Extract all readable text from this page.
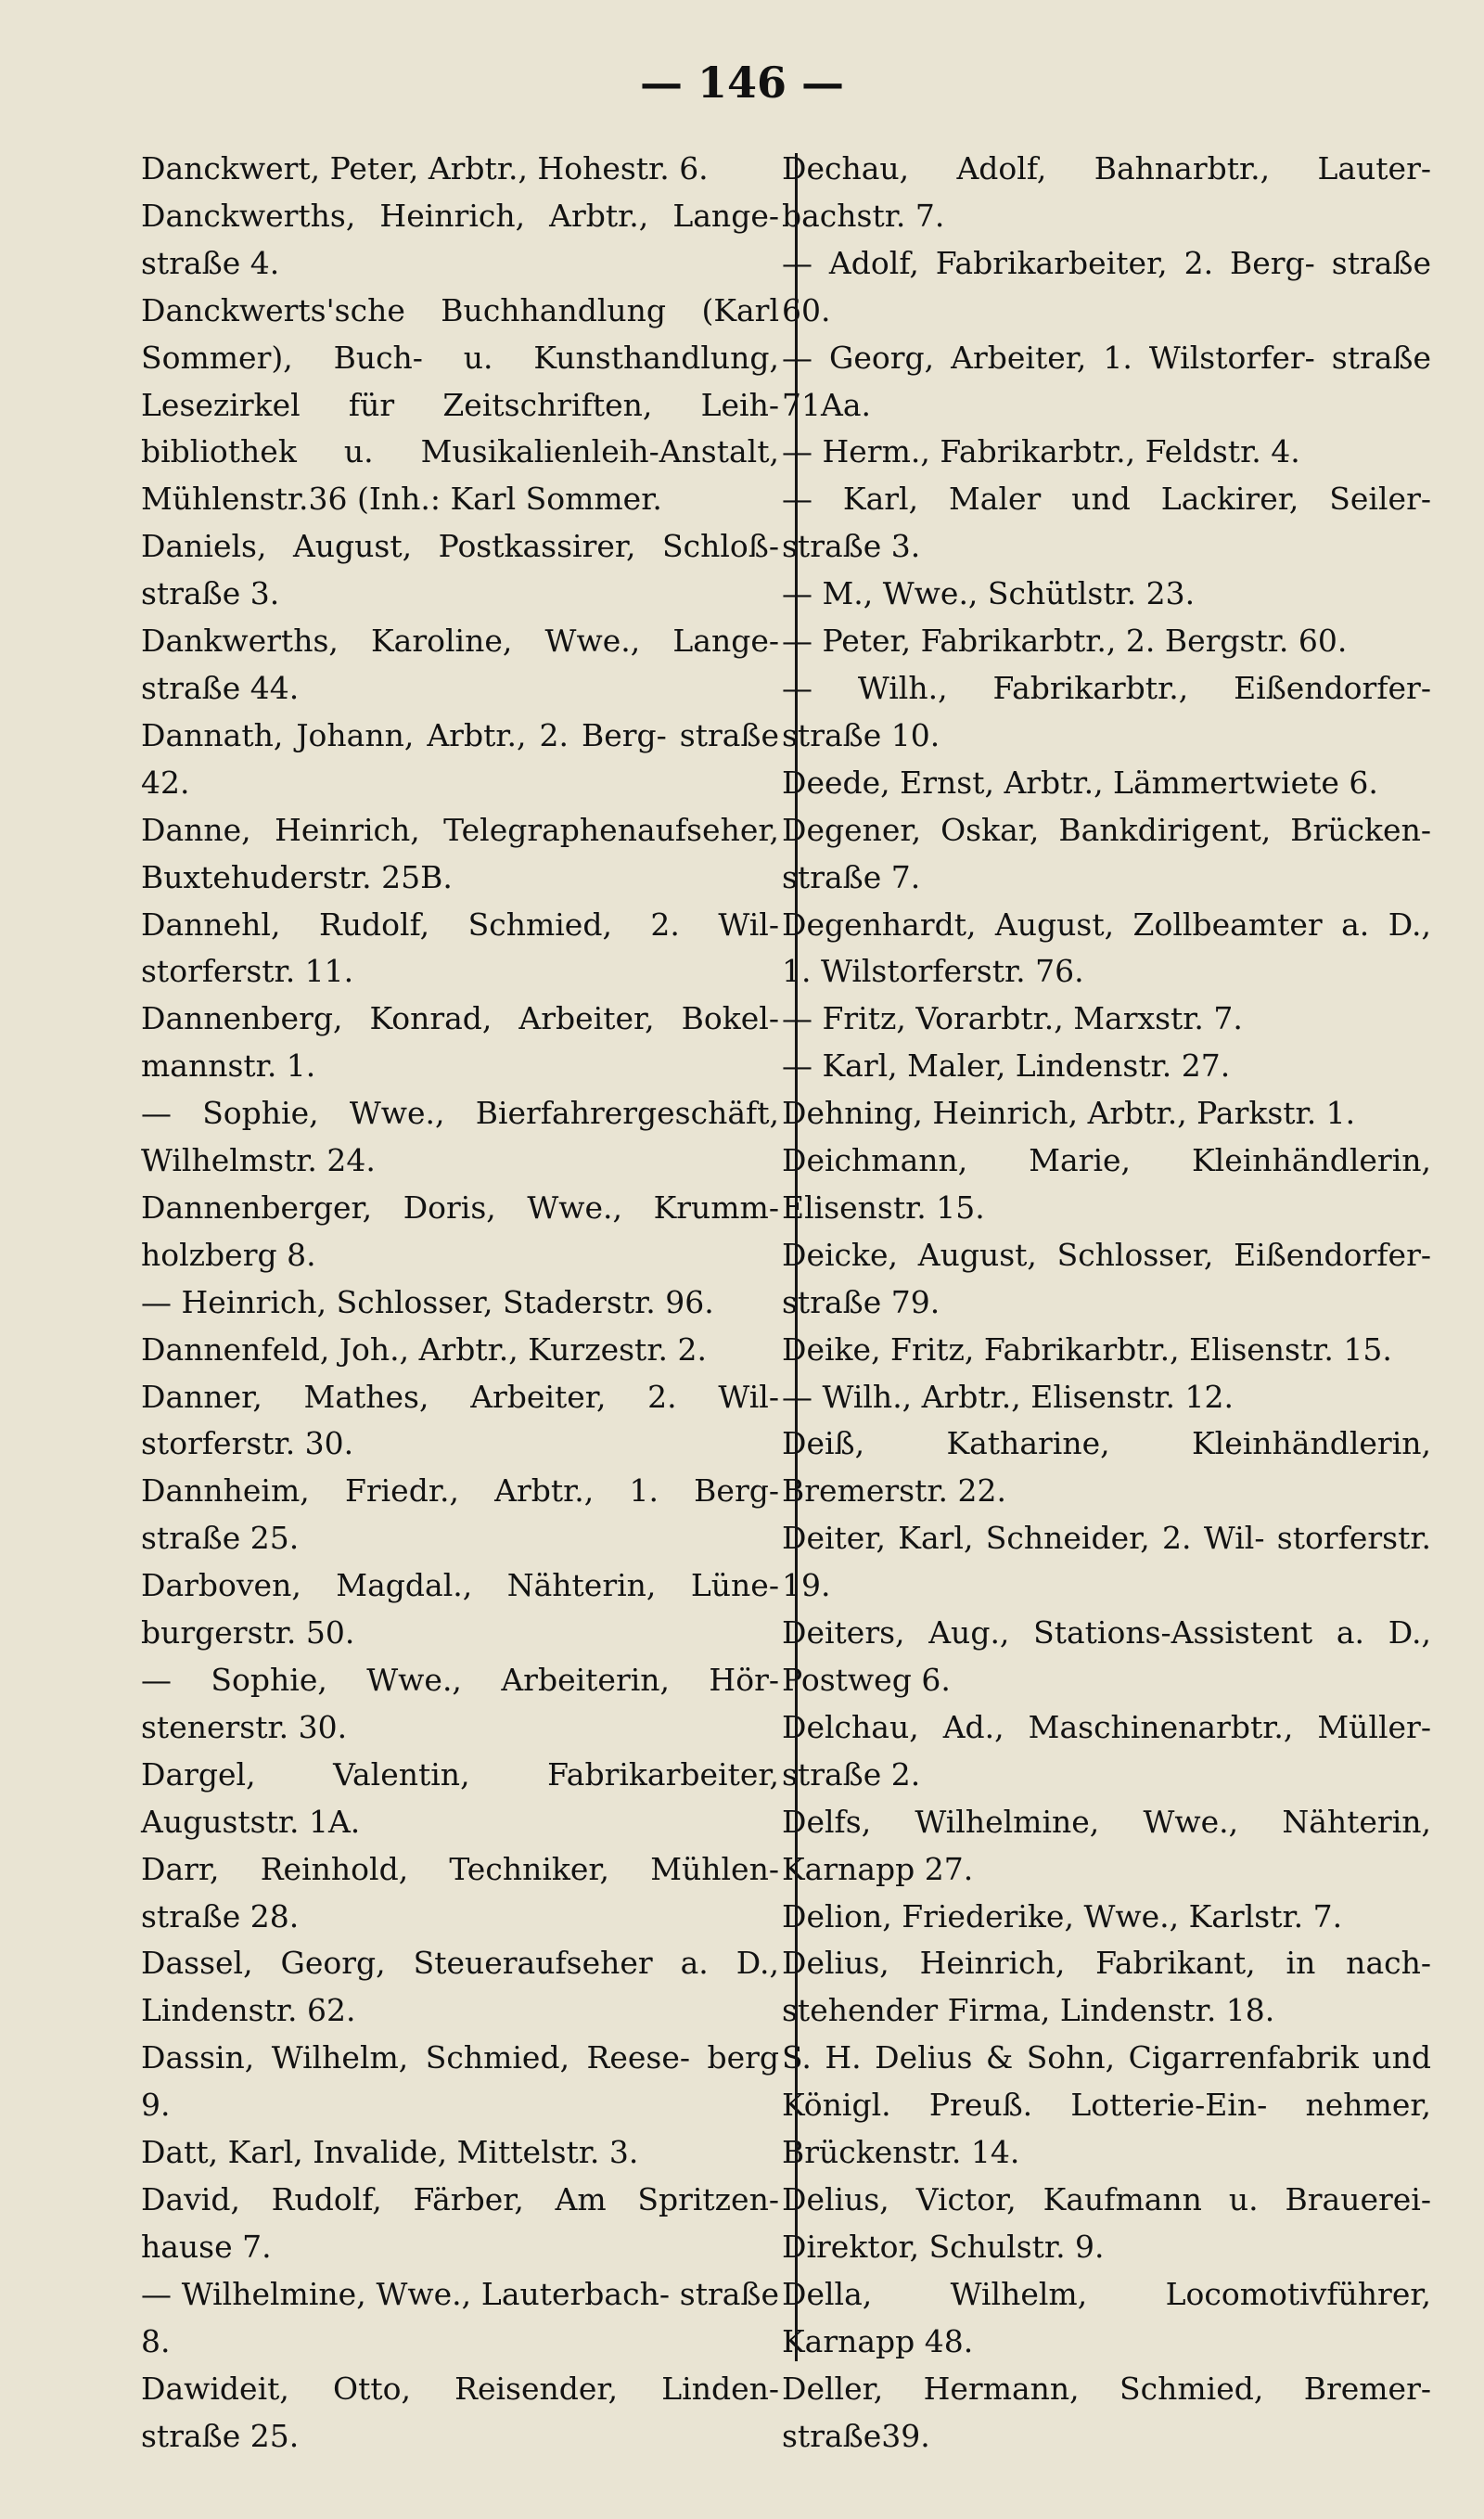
— 146 —
Danckwert, Peter, Arbtr., Hohestr. 6.
Danckwerths, Heinrich, Arbtr., Lange- straße 4.
Danckwerts'sche Buchhandlung (Karl Sommer), Buch- u. Kunsthandlung, Lesezirkel für Zeitschriften, Leih- bibliothek u. Musikalienleih-Anstalt, Mühlenstr.36 (Inh.: Karl Sommer.
Daniels, August, Postkassirer, Schloß- straße 3.
Dankwerths, Karoline, Wwe., Lange- straße 44.
Dannath, Johann, Arbtr., 2. Berg- straße 42.
Danne, Heinrich, Telegraphenaufseher, Buxtehuderstr. 25B.
Dannehl, Rudolf, Schmied, 2. Wil- storferstr. 11.
Dannenberg, Konrad, Arbeiter, Bokel- mannstr. 1.
— Sophie, Wwe., Bierfahrergeschäft, Wilhelmstr. 24.
Dannenberger, Doris, Wwe., Krumm- holzberg 8.
— Heinrich, Schlosser, Staderstr. 96.
Dannenfeld, Joh., Arbtr., Kurzestr. 2.
Danner, Mathes, Arbeiter, 2. Wil- storferstr. 30.
Dannheim, Friedr., Arbtr., 1. Berg- straße 25.
Darboven, Magdal., Nähterin, Lüne- burgerstr. 50.
— Sophie, Wwe., Arbeiterin, Hör- stenerstr. 30.
Dargel, Valentin, Fabrikarbeiter, Auguststr. 1A.
Darr, Reinhold, Techniker, Mühlen- straße 28.
Dassel, Georg, Steueraufseher a. D., Lindenstr. 62.
Dassin, Wilhelm, Schmied, Reese- berg 9.
Datt, Karl, Invalide, Mittelstr. 3.
David, Rudolf, Färber, Am Spritzen- hause 7.
— Wilhelmine, Wwe., Lauterbach- straße 8.
Dawideit, Otto, Reisender, Linden- straße 25.
Dechau, Adolf, Bahnarbtr., Lauter- bachstr. 7.
— Adolf, Fabrikarbeiter, 2. Berg- straße 60.
— Georg, Arbeiter, 1. Wilstorfer- straße 71Aa.
— Herm., Fabrikarbtr., Feldstr. 4.
— Karl, Maler und Lackirer, Seiler- straße 3.
— M., Wwe., Schütlstr. 23.
— Peter, Fabrikarbtr., 2. Bergstr. 60.
— Wilh., Fabrikarbtr., Eißendorfer- straße 10.
Deede, Ernst, Arbtr., Lämmertwiete 6.
Degener, Oskar, Bankdirigent, Brücken- straße 7.
Degenhardt, August, Zollbeamter a. D., 1. Wilstorferstr. 76.
— Fritz, Vorarbtr., Marxstr. 7.
— Karl, Maler, Lindenstr. 27.
Dehning, Heinrich, Arbtr., Parkstr. 1.
Deichmann, Marie, Kleinhändlerin, Elisenstr. 15.
Deicke, August, Schlosser, Eißendorfer- straße 79.
Deike, Fritz, Fabrikarbtr., Elisenstr. 15.
— Wilh., Arbtr., Elisenstr. 12.
Deiß, Katharine, Kleinhändlerin, Bremerstr. 22.
Deiter, Karl, Schneider, 2. Wil- storferstr. 19.
Deiters, Aug., Stations-Assistent a. D., Postweg 6.
Delchau, Ad., Maschinenarbtr., Müller- straße 2.
Delfs, Wilhelmine, Wwe., Nähterin, Karnapp 27.
Delion, Friederike, Wwe., Karlstr. 7.
Delius, Heinrich, Fabrikant, in nach- stehender Firma, Lindenstr. 18.
S. H. Delius & Sohn, Cigarrenfabrik und Königl. Preuß. Lotterie-Ein- nehmer, Brückenstr. 14.
Delius, Victor, Kaufmann u. Brauerei- Direktor, Schulstr. 9.
Della, Wilhelm, Locomotivführer, Karnapp 48.
Deller, Hermann, Schmied, Bremer- straße39.
